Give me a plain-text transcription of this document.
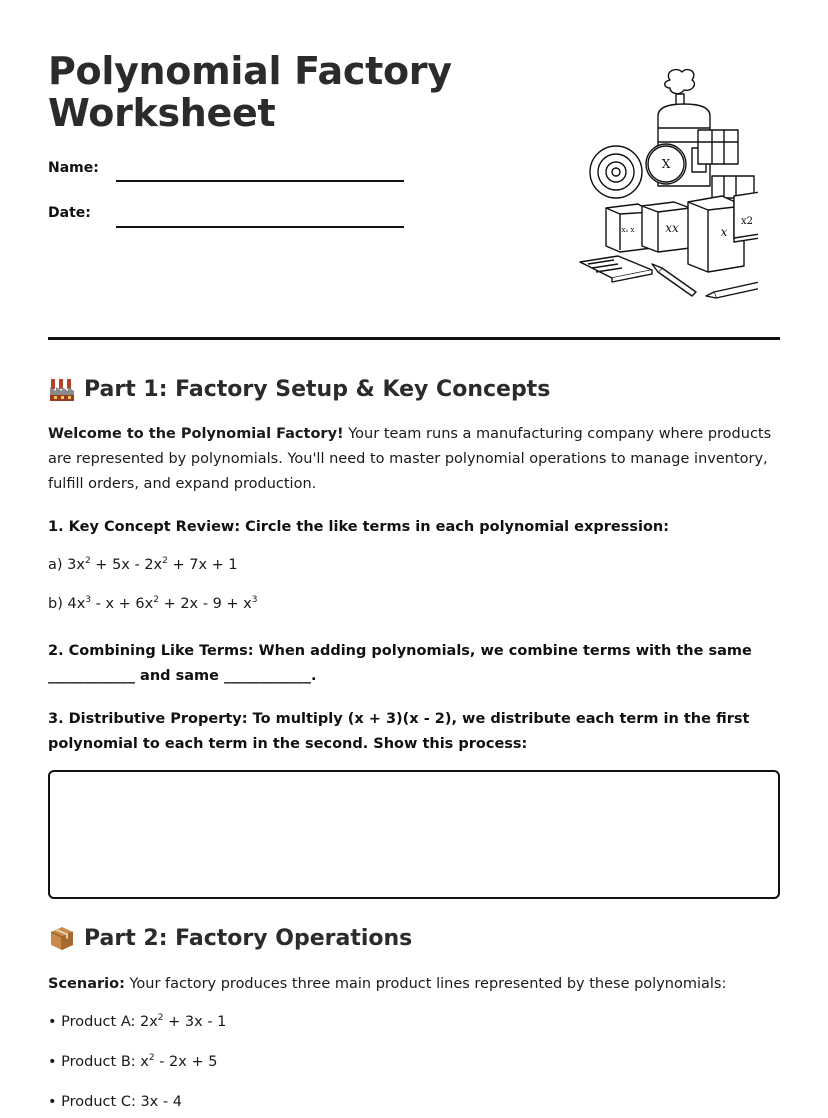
Polynomial Factory
Worksheet
Name:
Date:
X
xx	x
x2
x₂ x
Part 1: Factory Setup & Key Concepts
Welcome to the Polynomial Factory! Your team runs a manufacturing company where products are represented by polynomials. You'll need to master polynomial operations to manage inventory, fulfill orders, and expand production.
1. Key Concept Review: Circle the like terms in each polynomial expression:
a) $3x^2 + 5x - 2x^2 + 7x + 1$
b) $4x^3 - x + 6x^2 + 2x - 9 + x^3$
2. Combining Like Terms: When adding polynomials, we combine terms with the same ____________ and same ____________.
3. Distributive Property: To multiply (x + 3)(x - 2), we distribute each term in the first polynomial to each term in the second. Show this process:
Part 2: Factory Operations
Scenario: Your factory produces three main product lines represented by these polynomials:
• Product A: $2x^2 + 3x - 1$
• Product B: $x^2 - 2x + 5$
• Product C: 3x - 4
